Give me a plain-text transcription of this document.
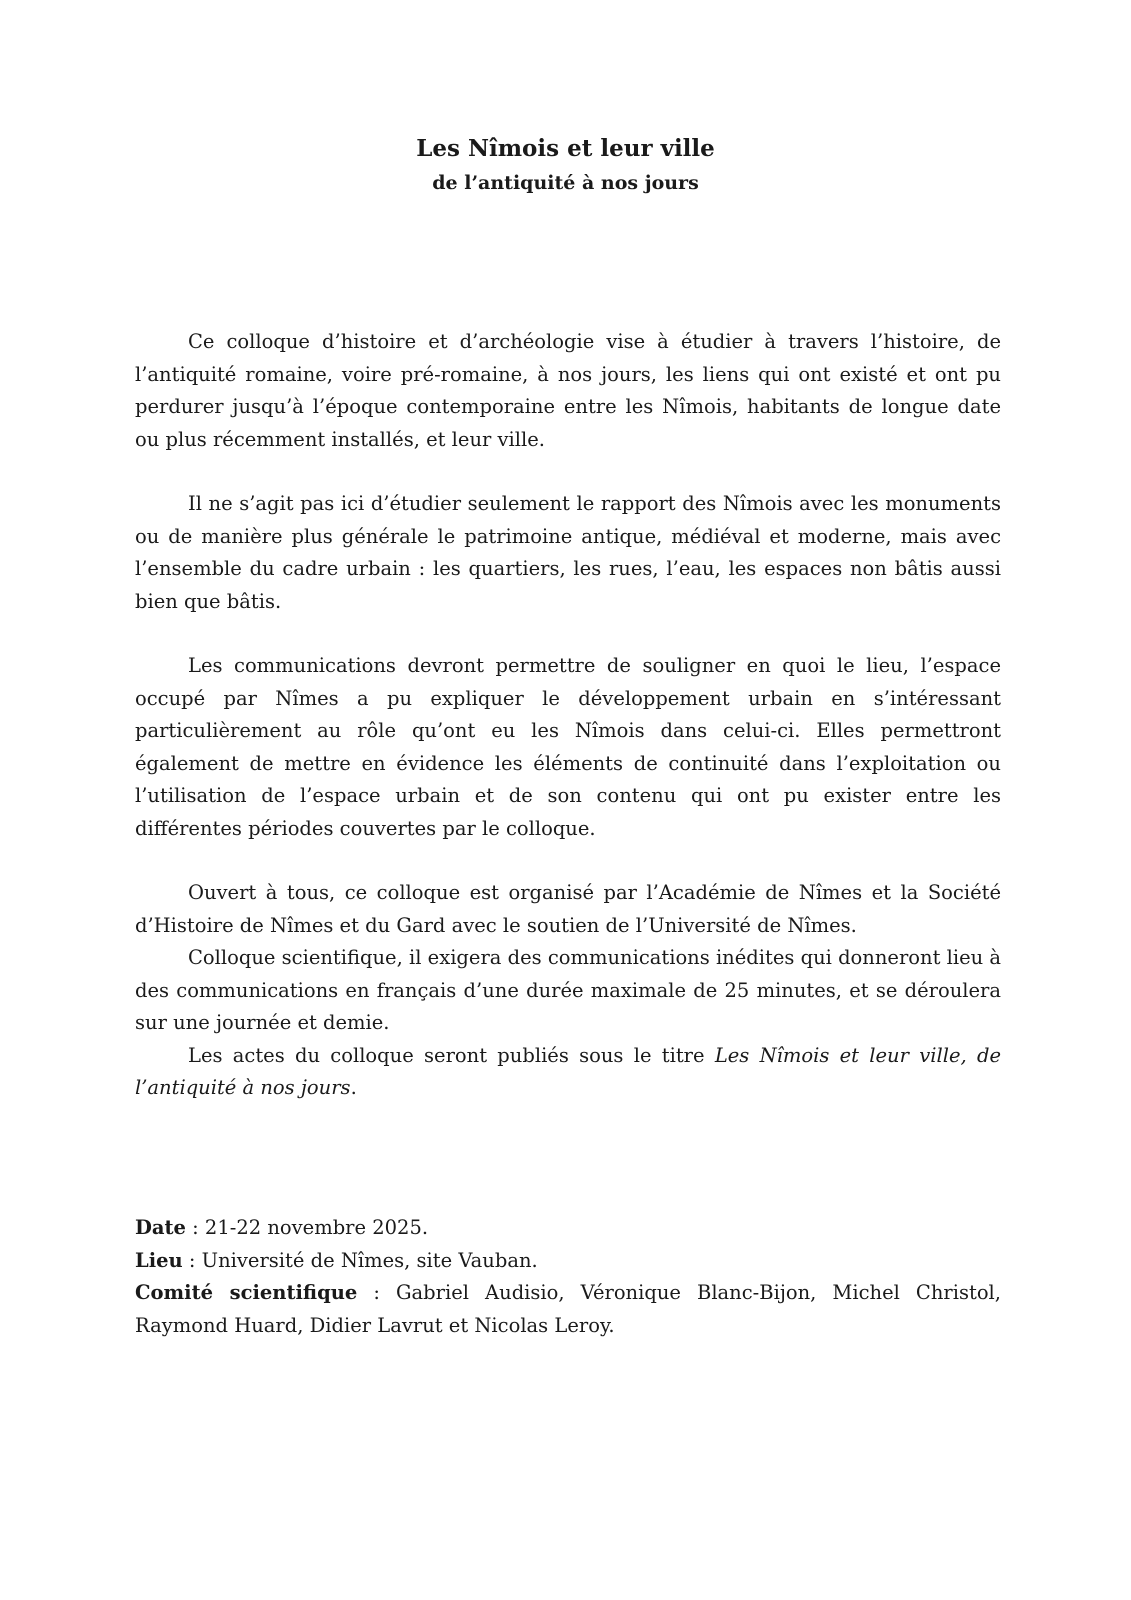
Les Nîmois et leur ville
de l’antiquité à nos jours

Ce colloque d’histoire et d’archéologie vise à étudier à travers l’histoire, de l’antiquité romaine, voire pré-romaine, à nos jours, les liens qui ont existé et ont pu perdurer jusqu’à l’époque contemporaine entre les Nîmois, habitants de longue date ou plus récemment installés, et leur ville.

Il ne s’agit pas ici d’étudier seulement le rapport des Nîmois avec les monuments ou de manière plus générale le patrimoine antique, médiéval et moderne, mais avec l’ensemble du cadre urbain : les quartiers, les rues, l’eau, les espaces non bâtis aussi bien que bâtis.

Les communications devront permettre de souligner en quoi le lieu, l’espace occupé par Nîmes a pu expliquer le développement urbain en s’intéressant particulièrement au rôle qu’ont eu les Nîmois dans celui-ci. Elles permettront également de mettre en évidence les éléments de continuité dans l’exploitation ou l’utilisation de l’espace urbain et de son contenu qui ont pu exister entre les différentes périodes couvertes par le colloque.

Ouvert à tous, ce colloque est organisé par l’Académie de Nîmes et la Société d’Histoire de Nîmes et du Gard avec le soutien de l’Université de Nîmes.

Colloque scientifique, il exigera des communications inédites qui donneront lieu à des communications en français d’une durée maximale de 25 minutes, et se déroulera sur une journée et demie.

Les actes du colloque seront publiés sous le titre Les Nîmois et leur ville, de l’antiquité à nos jours.

Date : 21-22 novembre 2025.

Lieu : Université de Nîmes, site Vauban.

Comité scientifique : Gabriel Audisio, Véronique Blanc-Bijon, Michel Christol, Raymond Huard, Didier Lavrut et Nicolas Leroy.
